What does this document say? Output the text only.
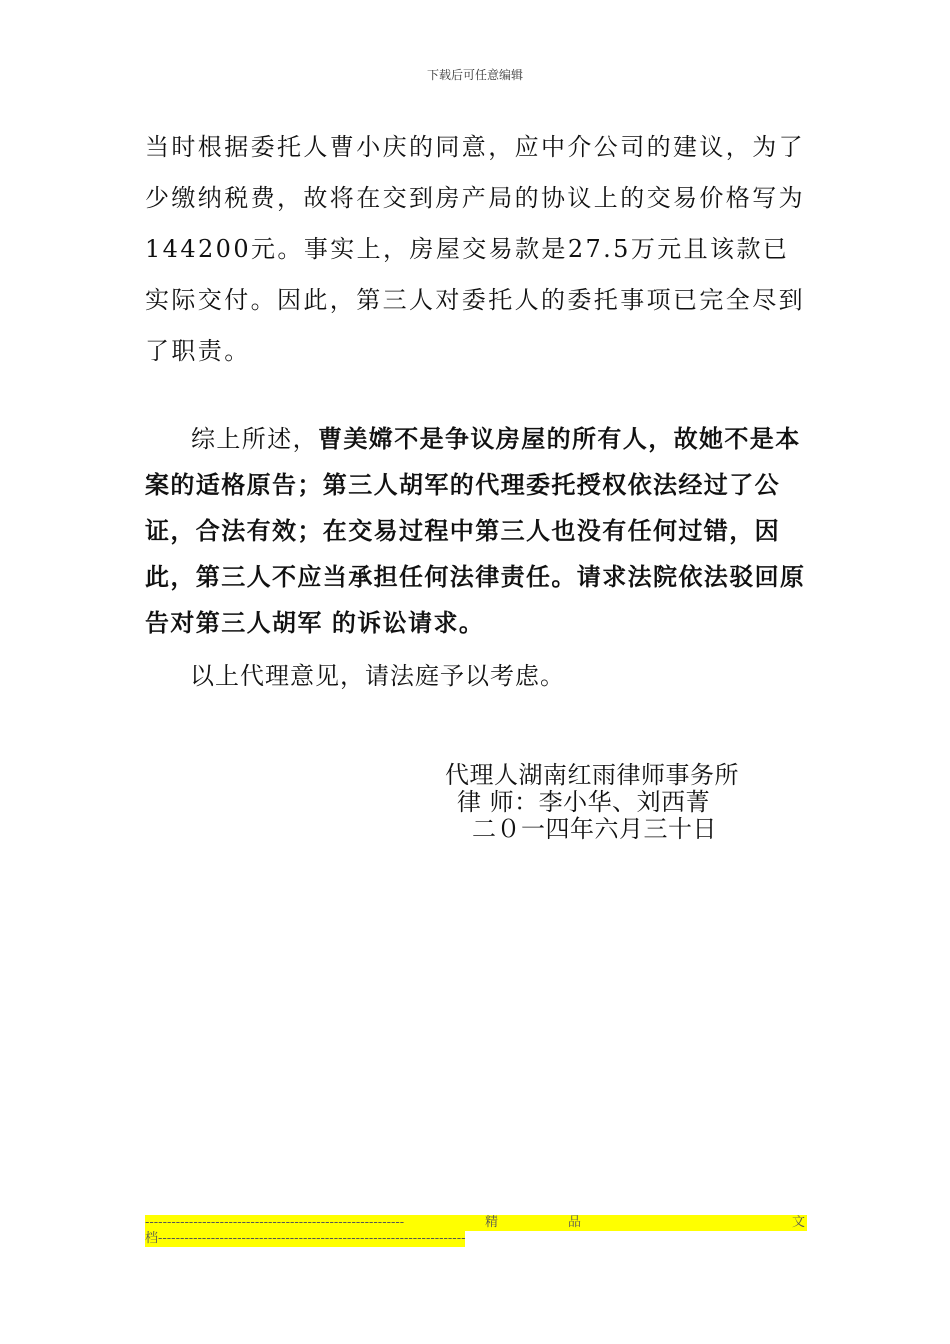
下载后可任意编辑

当时根据委托人曹小庆的同意，应中介公司的建议，为了少缴纳税费，故将在交到房产局的协议上的交易价格写为144200元。事实上，房屋交易款是27.5万元且该款已实际交付。因此，第三人对委托人的委托事项已完全尽到了职责。

综上所述，曹美嫦不是争议房屋的所有人，故她不是本案的适格原告；第三人胡军的代理委托授权依法经过了公证，合法有效；在交易过程中第三人也没有任何过错，因此，第三人不应当承担任何法律责任。请求法院依法驳回原告对第三人胡军 的诉讼请求。

以上代理意见，请法庭予以考虑。

代理人湖南红雨律师事务所
律 师：李小华、刘西菁
二０一四年六月三十日
-----------------------------------------------------------	精	品	文
档----------------------------------------------------------------------
